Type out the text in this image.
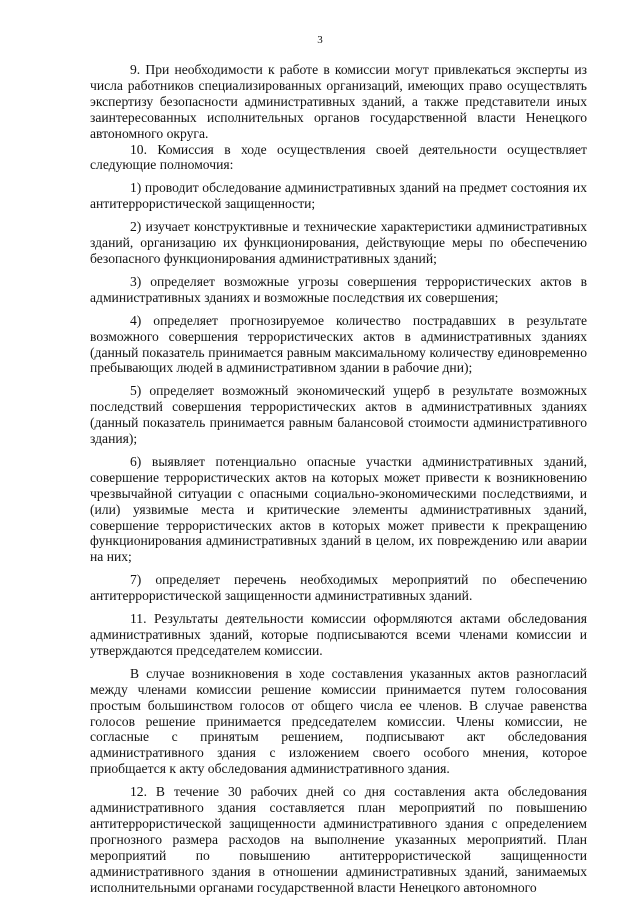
3

9. При необходимости к работе в комиссии могут привлекаться эксперты из числа работников специализированных организаций, имеющих право осуществлять экспертизу безопасности административных зданий, а также представители иных заинтересованных исполнительных органов государственной власти Ненецкого автономного округа.

10. Комиссия в ходе осуществления своей деятельности осуществляет следующие полномочия:

1) проводит обследование административных зданий на предмет состояния их антитеррористической защищенности;

2) изучает конструктивные и технические характеристики административных зданий, организацию их функционирования, действующие меры по обеспечению безопасного функционирования административных зданий;

3) определяет возможные угрозы совершения террористических актов в административных зданиях и возможные последствия их совершения;

4) определяет прогнозируемое количество пострадавших в результате возможного совершения террористических актов в административных зданиях (данный показатель принимается равным максимальному количеству единовременно пребывающих людей в административном здании в рабочие дни);

5) определяет возможный экономический ущерб в результате возможных последствий совершения террористических актов в административных зданиях (данный показатель принимается равным балансовой стоимости административного здания);

6) выявляет потенциально опасные участки административных зданий, совершение террористических актов на которых может привести к возникновению чрезвычайной ситуации с опасными социально-экономическими последствиями, и (или) уязвимые места и критические элементы административных зданий, совершение террористических актов в которых может привести к прекращению функционирования административных зданий в целом, их повреждению или аварии на них;

7) определяет перечень необходимых мероприятий по обеспечению антитеррористической защищенности административных зданий.

11. Результаты деятельности комиссии оформляются актами обследования административных зданий, которые подписываются всеми членами комиссии и утверждаются председателем комиссии.

В случае возникновения в ходе составления указанных актов разногласий между членами комиссии решение комиссии принимается путем голосования простым большинством голосов от общего числа ее членов. В случае равенства голосов решение принимается председателем комиссии. Члены комиссии, не согласные с принятым решением, подписывают акт обследования административного здания с изложением своего особого мнения, которое приобщается к акту обследования административного здания.

12. В течение 30 рабочих дней со дня составления акта обследования административного здания составляется план мероприятий по повышению антитеррористической защищенности административного здания с определением прогнозного размера расходов на выполнение указанных мероприятий. План мероприятий по повышению антитеррористической защищенности административного здания в отношении административных зданий, занимаемых исполнительными органами государственной власти Ненецкого автономного
